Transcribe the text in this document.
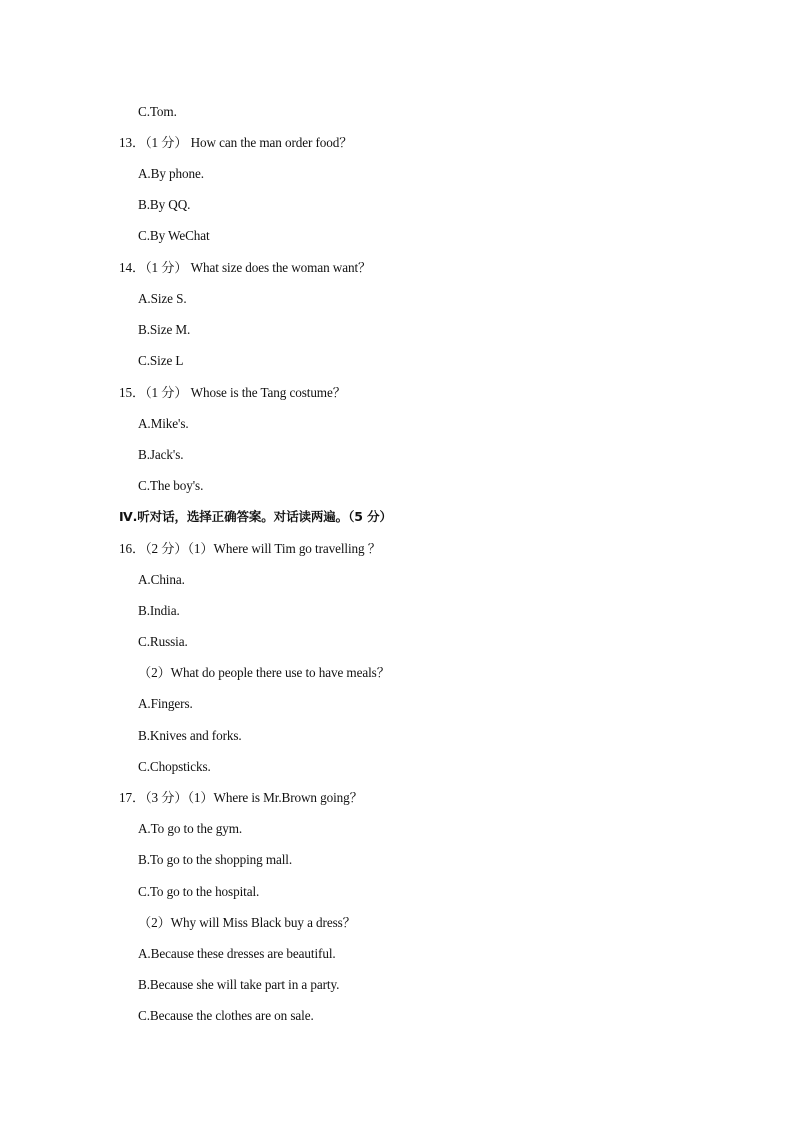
C.Tom.
13．（1 分） How can the man order food？
A.By phone.
B.By QQ.
C.By WeChat
14．（1 分） What size does the woman want？
A.Size S.
B.Size M.
C.Size L
15．（1 分） Whose is the Tang costume？
A.Mike's.
B.Jack's.
C.The boy's.
Ⅳ.听对话，选择正确答案。对话读两遍。（5 分）
16．（2 分）（1）Where will Tim go travelling ？
A.China.
B.India.
C.Russia.
（2）What do people there use to have meals？
A.Fingers.
B.Knives and forks.
C.Chopsticks.
17．（3 分）（1）Where is Mr.Brown going？
A.To go to the gym.
B.To go to the shopping mall.
C.To go to the hospital.
（2）Why will Miss Black buy a dress？
A.Because these dresses are beautiful.
B.Because she will take part in a party.
C.Because the clothes are on sale.
